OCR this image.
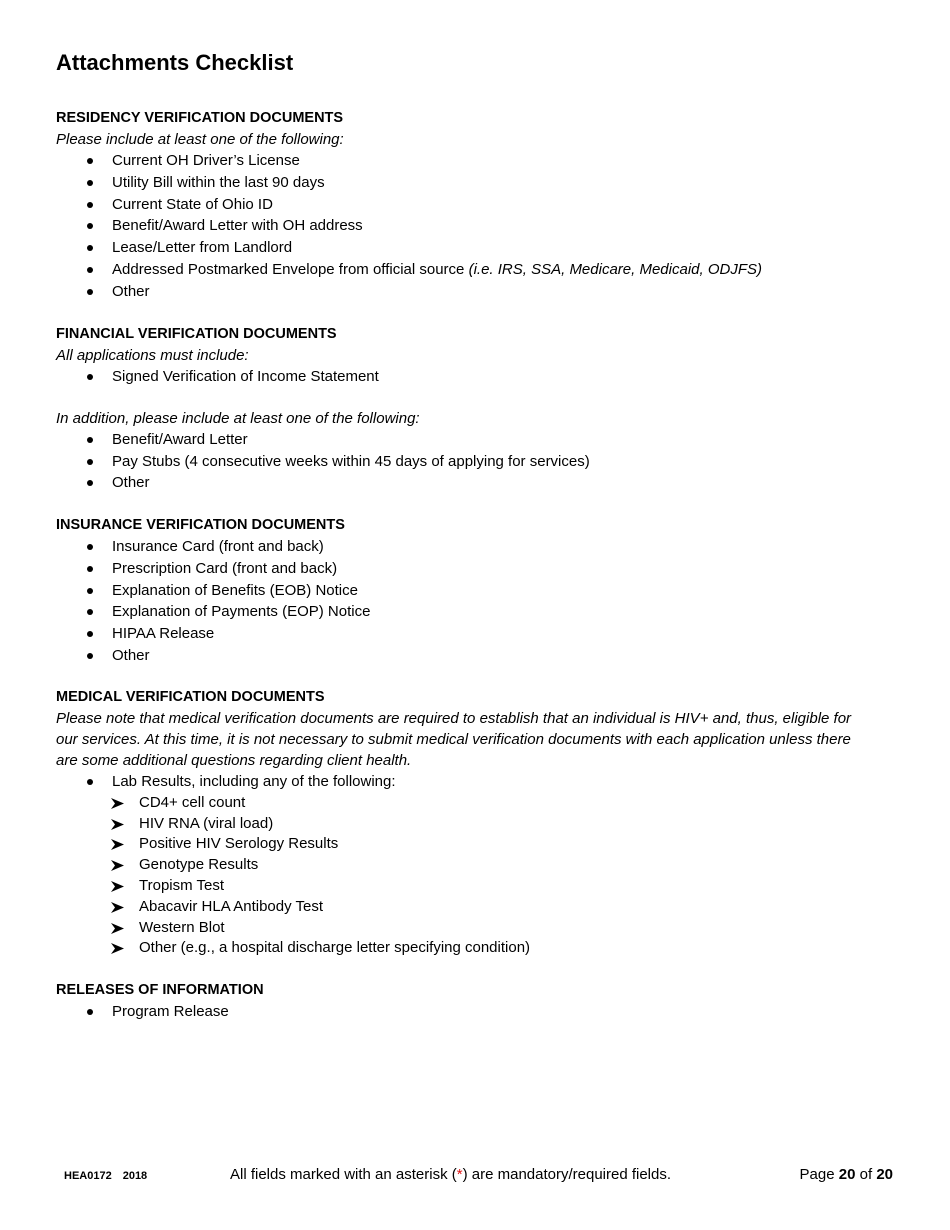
Attachments Checklist
RESIDENCY VERIFICATION DOCUMENTS
Please include at least one of the following:
Current OH Driver’s License
Utility Bill within the last 90 days
Current State of Ohio ID
Benefit/Award Letter with OH address
Lease/Letter from Landlord
Addressed Postmarked Envelope from official source (i.e. IRS, SSA, Medicare, Medicaid, ODJFS)
Other
FINANCIAL VERIFICATION DOCUMENTS
All applications must include:
Signed Verification of Income Statement
In addition, please include at least one of the following:
Benefit/Award Letter
Pay Stubs (4 consecutive weeks within 45 days of applying for services)
Other
INSURANCE VERIFICATION DOCUMENTS
Insurance Card (front and back)
Prescription Card (front and back)
Explanation of Benefits (EOB) Notice
Explanation of Payments (EOP) Notice
HIPAA Release
Other
MEDICAL VERIFICATION DOCUMENTS
Please note that medical verification documents are required to establish that an individual is HIV+ and, thus, eligible for
our services. At this time, it is not necessary to submit medical verification documents with each application unless there
are some additional questions regarding client health.
Lab Results, including any of the following:
CD4+ cell count
HIV RNA (viral load)
Positive HIV Serology Results
Genotype Results
Tropism Test
Abacavir HLA Antibody Test
Western Blot
Other (e.g., a hospital discharge letter specifying condition)
RELEASES OF INFORMATION
Program Release
HEA0172 2018	All fields marked with an asterisk (*) are mandatory/required fields.	Page 20 of 20
